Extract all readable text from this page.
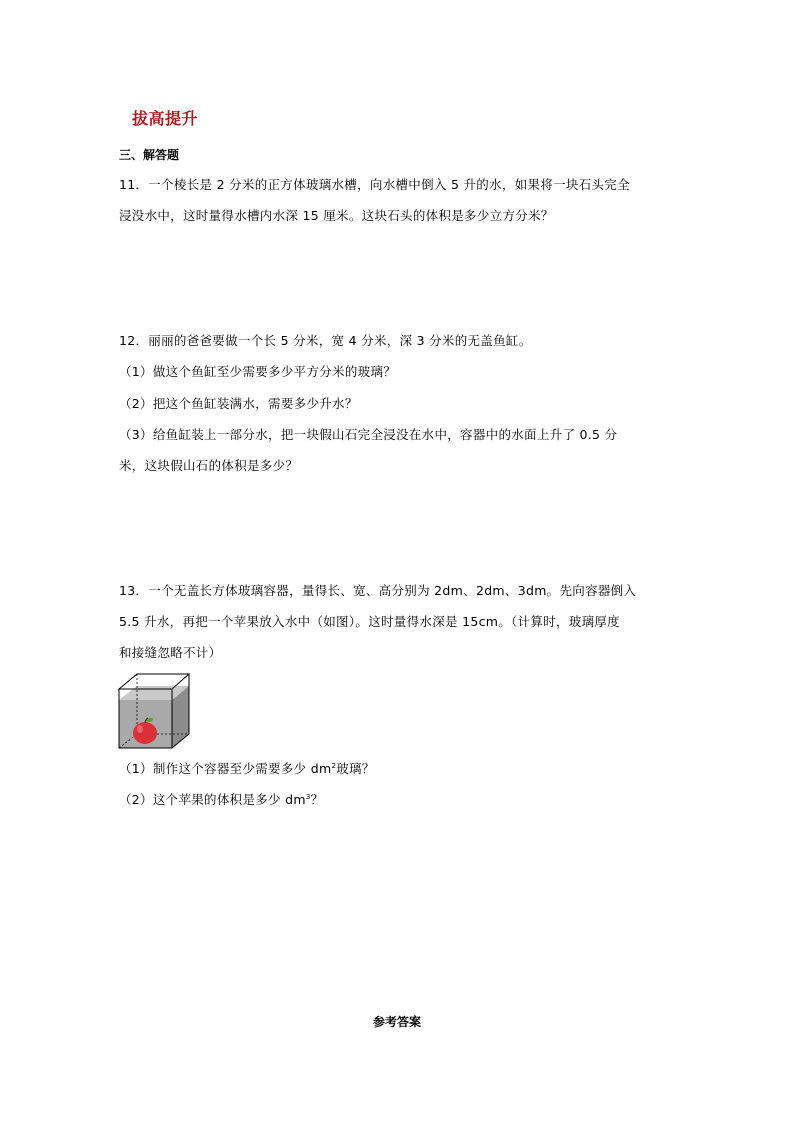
拔高提升
三、解答题
11．一个棱长是 2 分米的正方体玻璃水槽，向水槽中倒入 5 升的水，如果将一块石头完全
浸没水中，这时量得水槽内水深 15 厘米。这块石头的体积是多少立方分米？
12．丽丽的爸爸要做一个长 5 分米，宽 4 分米，深 3 分米的无盖鱼缸。
（1）做这个鱼缸至少需要多少平方分米的玻璃？
（2）把这个鱼缸装满水，需要多少升水？
（3）给鱼缸装上一部分水，把一块假山石完全浸没在水中，容器中的水面上升了 0.5 分
米，这块假山石的体积是多少？
13．一个无盖长方体玻璃容器，量得长、宽、高分别为 2dm、2dm、3dm。先向容器倒入
5.5 升水，再把一个苹果放入水中（如图）。这时量得水深是 15cm。（计算时，玻璃厚度
和接缝忽略不计）
（1）制作这个容器至少需要多少 $dm^2$玻璃？
（2）这个苹果的体积是多少 $dm^3$？
参考答案
